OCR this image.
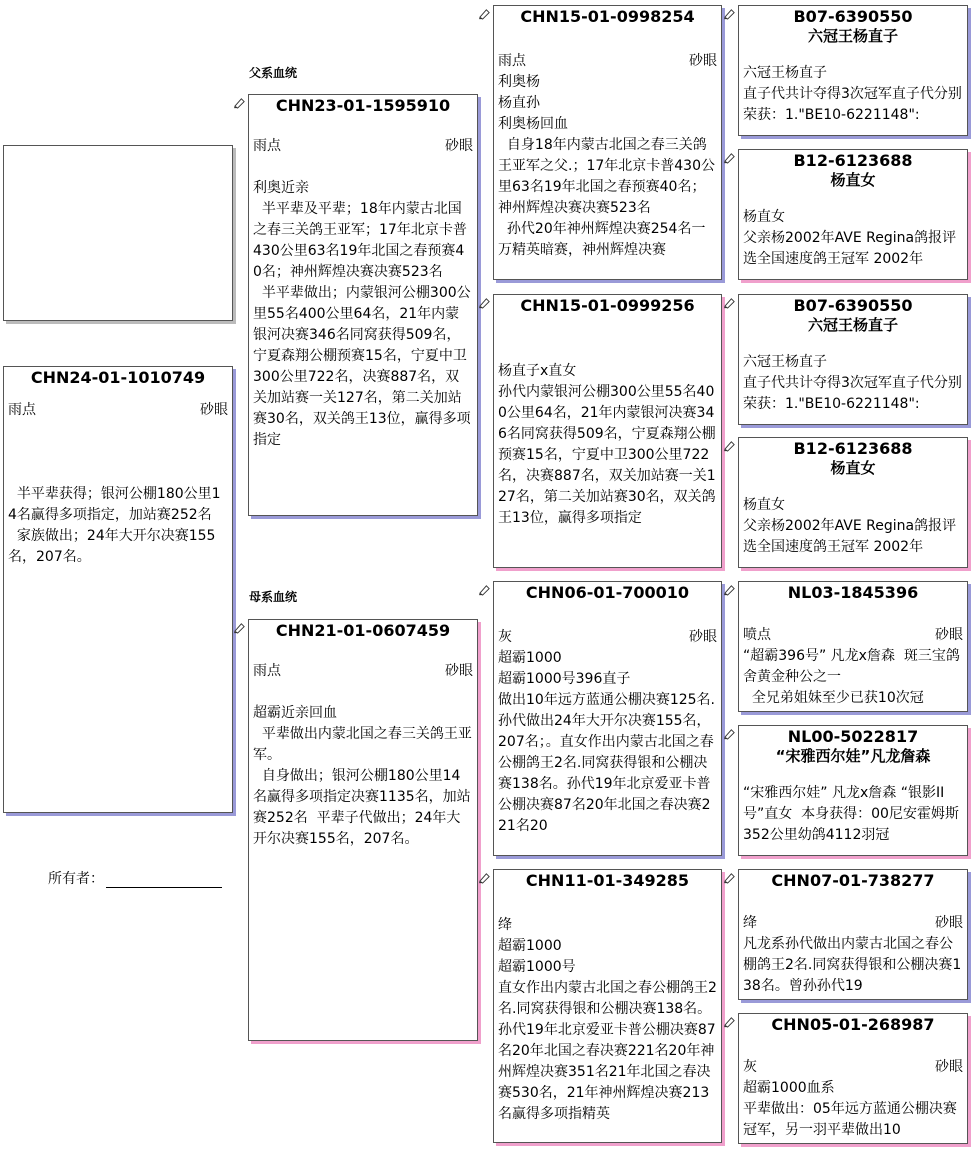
父系血统
母系血统
所有者：
CHN24-01-1010749
雨点	砂眼

半平辈获得；银河公棚180公里14名赢得多项指定，加站赛252名
家族做出；24年大开尔决赛155名，207名。
CHN23-01-1595910
雨点	砂眼

利奥近亲
半平辈及平辈；18年内蒙古北国之春三关鸽王亚军；17年北京卡普430公里63名19年北国之春预赛40名；神州辉煌决赛决赛523名
半平辈做出；内蒙银河公棚300公里55名400公里64名，21年内蒙银河决赛346名同窝获得509名，宁夏森翔公棚预赛15名，宁夏中卫300公里722名，决赛887名，双关加站赛一关127名，第二关加站赛30名，双关鸽王13位，赢得多项指定
CHN21-01-0607459
雨点	砂眼

超霸近亲回血
平辈做出内蒙北国之春三关鸽王亚军。
自身做出；银河公棚180公里14名赢得多项指定决赛1135名，加站赛252名  平辈子代做出；24年大开尔决赛155名，207名。
CHN15-01-0998254
雨点	砂眼
利奥杨
杨直孙
利奥杨回血
自身18年内蒙古北国之春三关鸽王亚军之父.；17年北京卡普430公里63名19年北国之春预赛40名；神州辉煌决赛决赛523名
孙代20年神州辉煌决赛254名一万精英暗赛，神州辉煌决赛
CHN15-01-0999256

杨直子x直女
孙代内蒙银河公棚300公里55名400公里64名，21年内蒙银河决赛346名同窝获得509名，宁夏森翔公棚预赛15名，宁夏中卫300公里722名，决赛887名，双关加站赛一关127名，第二关加站赛30名，双关鸽王13位，赢得多项指定
CHN06-01-700010
灰	砂眼
超霸1000
超霸1000号396直子
做出10年远方蓝通公棚决赛125名.
孙代做出24年大开尔决赛155名，207名；。直女作出内蒙古北国之春公棚鸽王2名.同窝获得银和公棚决赛138名。孙代19年北京爱亚卡普公棚决赛87名20年北国之春决赛221名20
CHN11-01-349285
绛
超霸1000
超霸1000号
直女作出内蒙古北国之春公棚鸽王2名.同窝获得银和公棚决赛138名。孙代19年北京爱亚卡普公棚决赛87名20年北国之春决赛221名20年神州辉煌决赛351名21年北国之春决赛530名，21年神州辉煌决赛213名赢得多项指精英
B07-6390550
六冠王杨直子
六冠王杨直子
直子代共计夺得3次冠军直子代分别荣获：1."BE10-6221148":
B12-6123688
杨直女
杨直女
父亲杨2002年AVE Regina鸽报评选全国速度鸽王冠军 2002年
B07-6390550
六冠王杨直子
六冠王杨直子
直子代共计夺得3次冠军直子代分别荣获：1."BE10-6221148":
B12-6123688
杨直女
杨直女
父亲杨2002年AVE Regina鸽报评选全国速度鸽王冠军 2002年
NL03-1845396
喷点	砂眼
“超霸396号” 凡龙x詹森  斑三宝鸽舍黄金种公之一
全兄弟姐妹至少已获10次冠
NL00-5022817
“宋雅西尔娃”凡龙詹森
“宋雅西尔娃” 凡龙x詹森 “银影II号”直女  本身获得：00尼安霍姆斯352公里幼鸽4112羽冠
CHN07-01-738277
绛	砂眼
凡龙系孙代做出内蒙古北国之春公棚鸽王2名.同窝获得银和公棚决赛138名。曾孙孙代19
CHN05-01-268987
灰	砂眼
超霸1000血系
平辈做出：05年远方蓝通公棚决赛冠军，另一羽平辈做出10
